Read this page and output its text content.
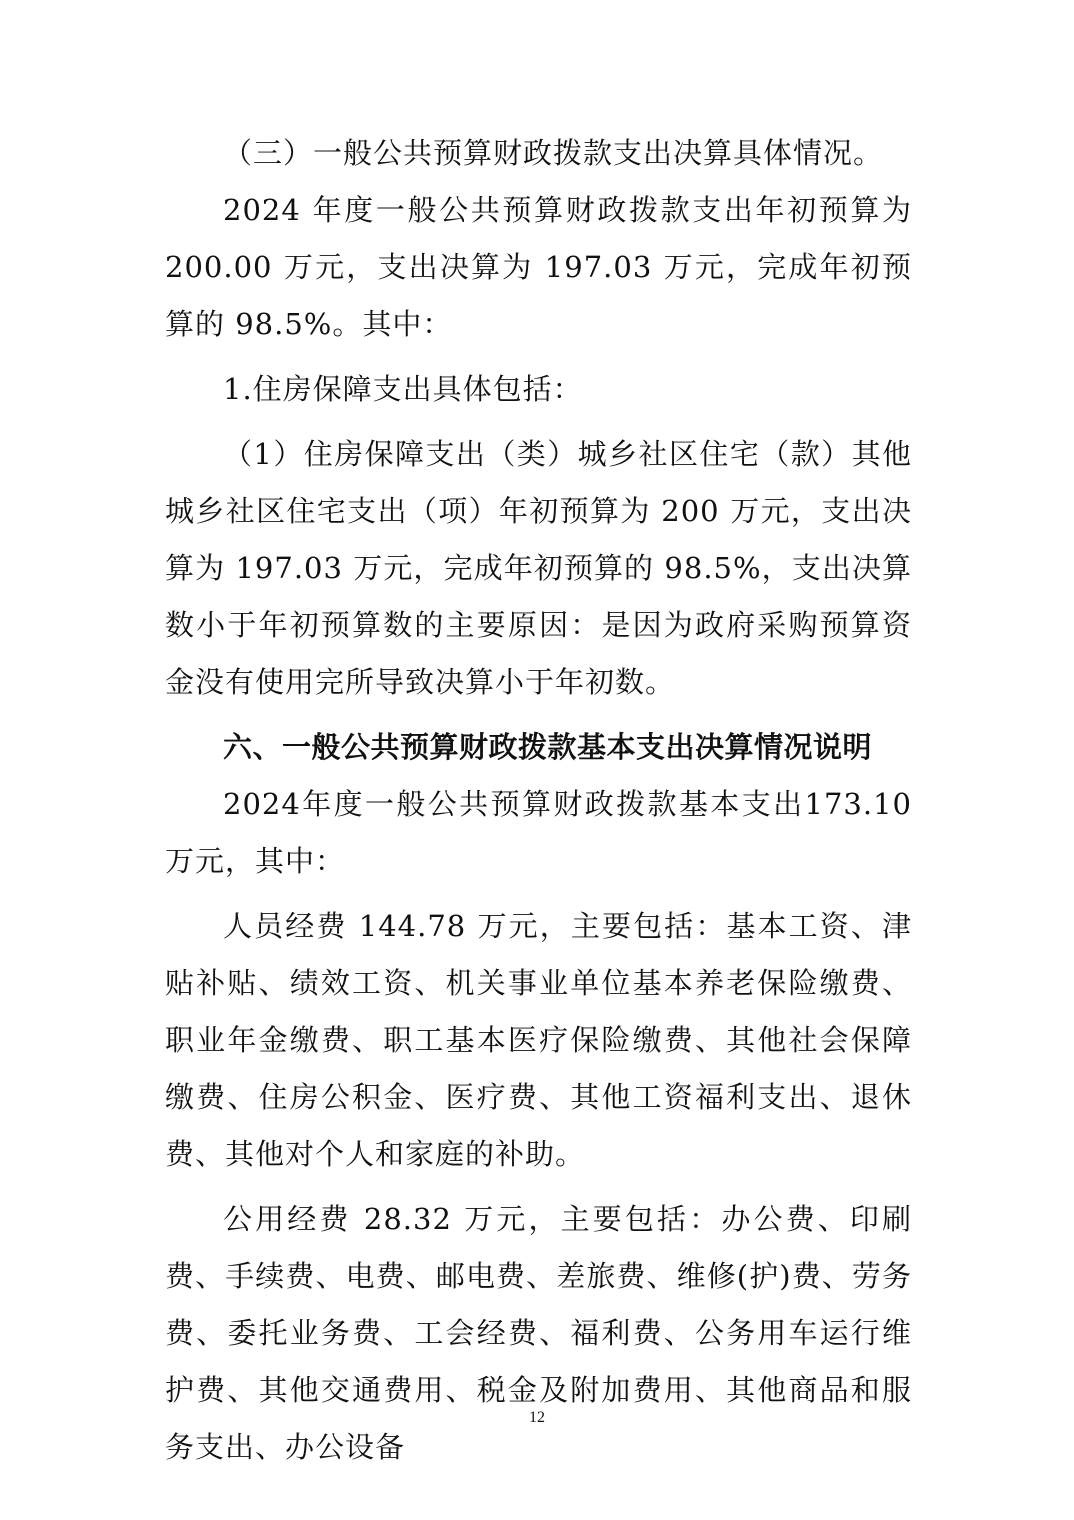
（三）一般公共预算财政拨款支出决算具体情况。

2024 年度一般公共预算财政拨款支出年初预算为 200.00 万元，支出决算为 197.03 万元，完成年初预算的 98.5%。其中：

1.住房保障支出具体包括：

（1）住房保障支出（类）城乡社区住宅（款）其他城乡社区住宅支出（项）年初预算为 200 万元，支出决算为 197.03 万元，完成年初预算的 98.5%，支出决算数小于年初预算数的主要原因：是因为政府采购预算资金没有使用完所导致决算小于年初数。

六、一般公共预算财政拨款基本支出决算情况说明

2024年度一般公共预算财政拨款基本支出173.10万元，其中：

人员经费 144.78 万元，主要包括：基本工资、津贴补贴、绩效工资、机关事业单位基本养老保险缴费、职业年金缴费、职工基本医疗保险缴费、其他社会保障缴费、住房公积金、医疗费、其他工资福利支出、退休费、其他对个人和家庭的补助。

公用经费 28.32 万元，主要包括：办公费、印刷费、手续费、电费、邮电费、差旅费、维修(护)费、劳务费、委托业务费、工会经费、福利费、公务用车运行维护费、其他交通费用、税金及附加费用、其他商品和服务支出、办公设备

12
